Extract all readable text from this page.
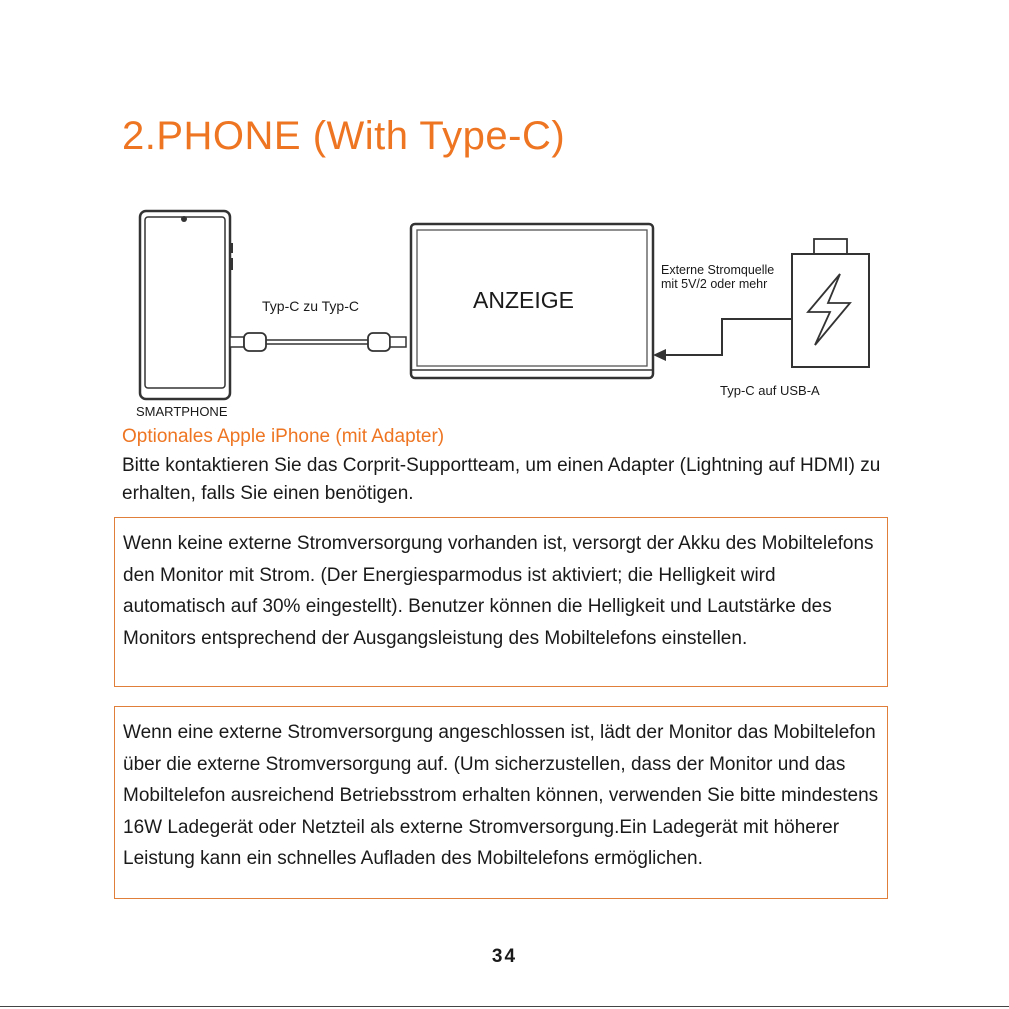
2.PHONE (With Type-C)
SMARTPHONE
Typ-C zu Typ-C	ANZEIGE
Externe Stromquelle
mit 5V/2 oder mehr
Typ-C auf USB-A
Optionales Apple iPhone (mit Adapter)
Bitte kontaktieren Sie das Corprit-Supportteam, um einen Adapter (Lightning auf HDMI) zu erhalten, falls Sie einen benötigen.
Wenn keine externe Stromversorgung vorhanden ist, versorgt der Akku des Mobiltelefons den Monitor mit Strom. (Der Energiesparmodus ist aktiviert; die Helligkeit wird automatisch auf 30% eingestellt). Benutzer können die Helligkeit und Lautstärke des Monitors entsprechend der Ausgangsleistung des Mobiltelefons einstellen.
Wenn eine externe Stromversorgung angeschlossen ist, lädt der Monitor das Mobiltelefon über die externe Stromversorgung auf. (Um sicherzustellen, dass der Monitor und das Mobiltelefon ausreichend Betriebsstrom erhalten können, verwenden Sie bitte mindestens 16W Ladegerät oder Netzteil als externe Stromversorgung.Ein Ladegerät mit höherer Leistung kann ein schnelles Aufladen des Mobiltelefons ermöglichen.
34
